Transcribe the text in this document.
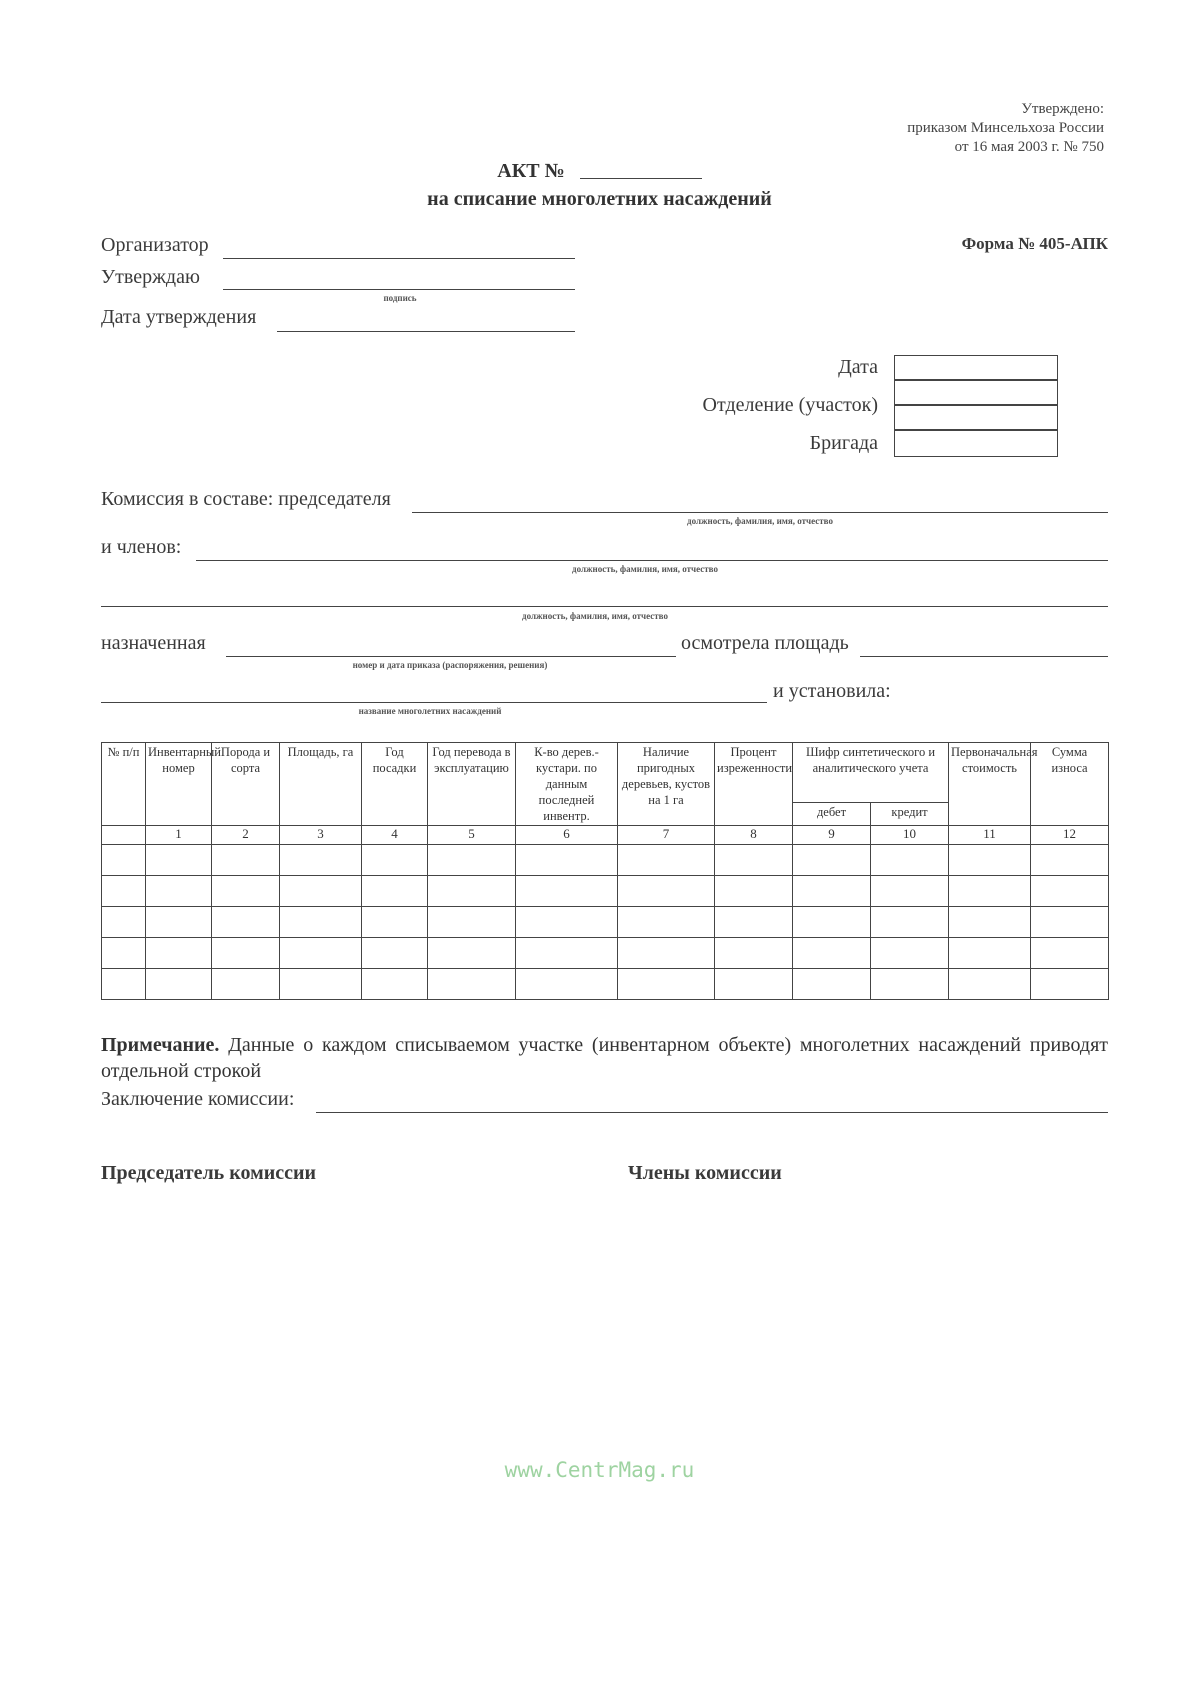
Утверждено:
приказом Минсельхоза России
от 16 мая 2003 г. № 750
АКТ №
на списание многолетних насаждений
Форма № 405-АПК
Организатор
Утверждаю
подпись
Дата утверждения
Дата
Отделение (участок)
Бригада
Комиссия в составе: председателя
должность, фамилия, имя, отчество
и членов:
должность, фамилия, имя, отчество
должность, фамилия, имя, отчество
назначенная
номер и дата приказа (распоряжения, решения)
осмотрела площадь
название многолетних насаждений
и установила:
№ п/п	Инвентарный номер	Порода и сорта	Площадь, га	Год посадки	Год перевода в эксплуатацию	К-во дерев.-кустари. по данным последней инвентр.	Наличие пригодных деревьев, кустов на 1 га	Процент изреженности	Шифр синтетического и аналитического учета		Первоначальная стоимость	Сумма износа
									дебет	кредит		
	1	2	3	4	5	6	7	8	9	10	11	12

Примечание. Данные о каждом списываемом участке (инвентарном объекте) многолетних насаждений приводят отдельной строкой
Заключение комиссии:
Председатель комиссии	Члены комиссии
www.CentrMag.ru
